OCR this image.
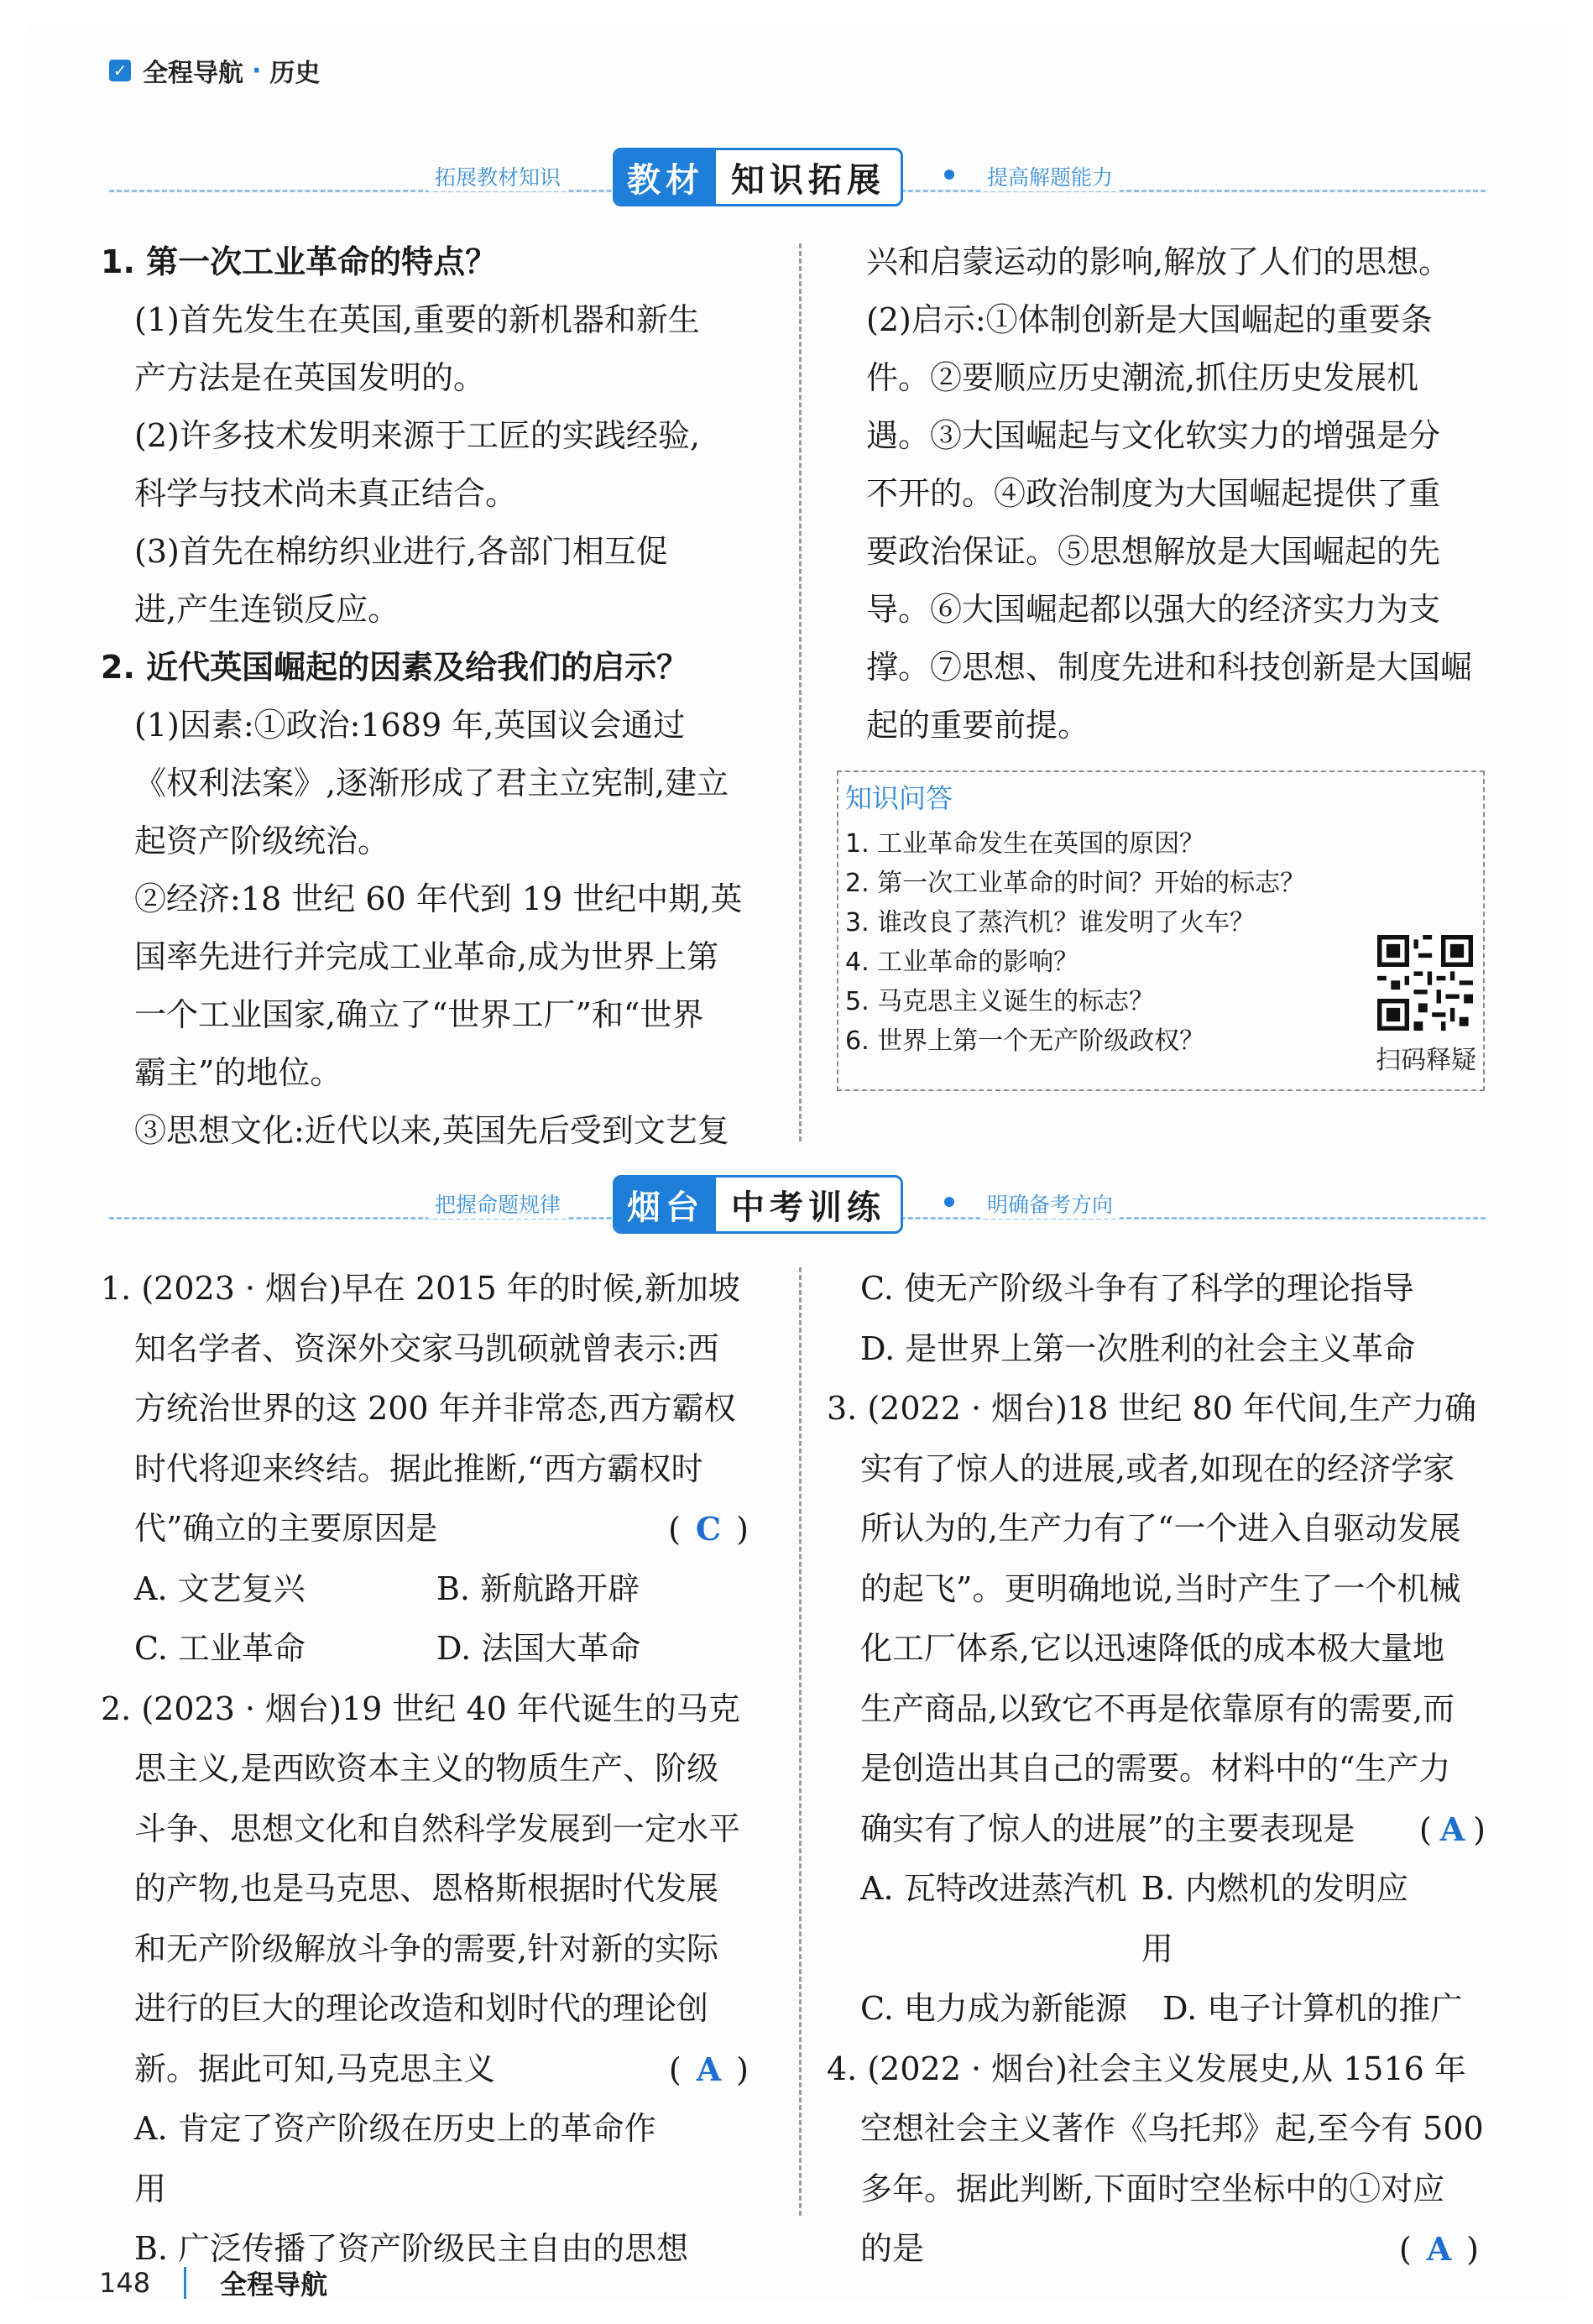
✓ 全程导航 · 历史
拓展教材知识	教材 知识拓展	提高解题能力

1. 第一次工业革命的特点？

(1)首先发生在英国,重要的新机器和新生

产方法是在英国发明的。

(2)许多技术发明来源于工匠的实践经验,

科学与技术尚未真正结合。

(3)首先在棉纺织业进行,各部门相互促

进,产生连锁反应。

2. 近代英国崛起的因素及给我们的启示？

(1)因素:①政治:1689 年,英国议会通过

《权利法案》,逐渐形成了君主立宪制,建立

起资产阶级统治。

②经济:18 世纪 60 年代到 19 世纪中期,英

国率先进行并完成工业革命,成为世界上第

一个工业国家,确立了“世界工厂”和“世界

霸主”的地位。

③思想文化:近代以来,英国先后受到文艺复

兴和启蒙运动的影响,解放了人们的思想。

(2)启示:①体制创新是大国崛起的重要条

件。②要顺应历史潮流,抓住历史发展机

遇。③大国崛起与文化软实力的增强是分

不开的。④政治制度为大国崛起提供了重

要政治保证。⑤思想解放是大国崛起的先

导。⑥大国崛起都以强大的经济实力为支

撑。⑦思想、制度先进和科技创新是大国崛

起的重要前提。

知识问答
1. 工业革命发生在英国的原因？
2. 第一次工业革命的时间？开始的标志？
3. 谁改良了蒸汽机？谁发明了火车？
4. 工业革命的影响？
5. 马克思主义诞生的标志？
6. 世界上第一个无产阶级政权？
扫码释疑
把握命题规律	烟台 中考训练	明确备考方向

1. (2023 · 烟台)早在 2015 年的时候,新加坡

知名学者、资深外交家马凯硕就曾表示:西

方统治世界的这 200 年并非常态,西方霸权

时代将迎来终结。据此推断,“西方霸权时

代”确立的主要原因是	(C)

A. 文艺复兴	B. 新航路开辟
C. 工业革命	D. 法国大革命

2. (2023 · 烟台)19 世纪 40 年代诞生的马克

思主义,是西欧资本主义的物质生产、阶级

斗争、思想文化和自然科学发展到一定水平

的产物,也是马克思、恩格斯根据时代发展

和无产阶级解放斗争的需要,针对新的实际

进行的巨大的理论改造和划时代的理论创

新。据此可知,马克思主义	(A)

A. 肯定了资产阶级在历史上的革命作用

B. 广泛传播了资产阶级民主自由的思想

C. 使无产阶级斗争有了科学的理论指导

D. 是世界上第一次胜利的社会主义革命

3. (2022 · 烟台)18 世纪 80 年代间,生产力确

实有了惊人的进展,或者,如现在的经济学家

所认为的,生产力有了“一个进入自驱动发展

的起飞”。更明确地说,当时产生了一个机械

化工厂体系,它以迅速降低的成本极大量地

生产商品,以致它不再是依靠原有的需要,而

是创造出其自己的需要。材料中的“生产力

确实有了惊人的进展”的主要表现是 (A)

A. 瓦特改进蒸汽机 B. 内燃机的发明应用
C. 电力成为新能源	D. 电子计算机的推广

4. (2022 · 烟台)社会主义发展史,从 1516 年

空想社会主义著作《乌托邦》起,至今有 500

多年。据此判断,下面时空坐标中的①对应

的是	(A)

148	全程导航
